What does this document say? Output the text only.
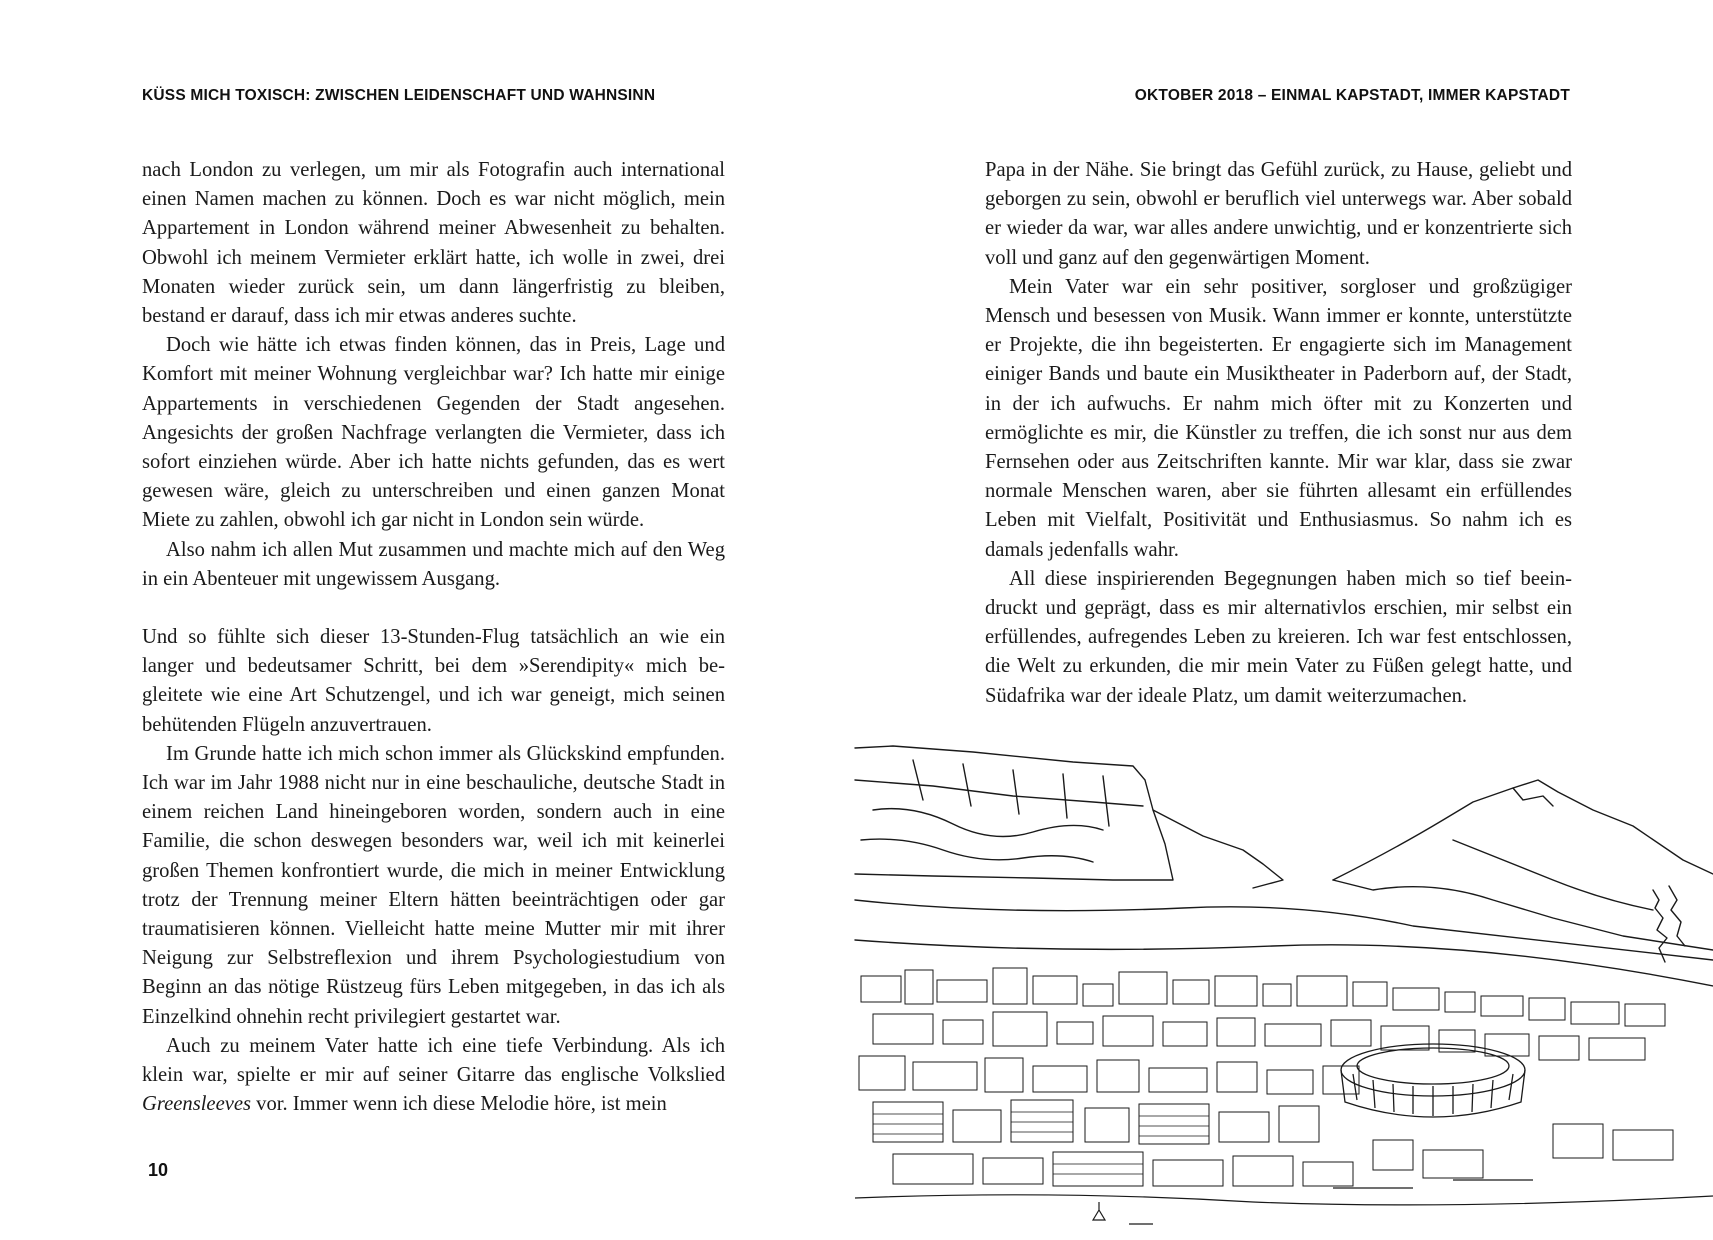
KÜSS MICH TOXISCH: ZWISCHEN LEIDENSCHAFT UND WAHNSINN	OKTOBER 2018 – EINMAL KAPSTADT, IMMER KAPSTADT

nach London zu verlegen, um mir als Fotografin auch international einen Namen machen zu können. Doch es war nicht möglich, mein Appartement in London während meiner Abwesenheit zu behalten. Obwohl ich meinem Vermieter erklärt hatte, ich wolle in zwei, drei Monaten wieder zurück sein, um dann längerfristig zu bleiben, bestand er darauf, dass ich mir etwas anderes suchte.

Doch wie hätte ich etwas finden können, das in Preis, Lage und Komfort mit meiner Wohnung vergleichbar war? Ich hatte mir einige Appartements in verschiedenen Gegenden der Stadt angesehen. Angesichts der großen Nachfrage verlangten die Vermieter, dass ich sofort einziehen würde. Aber ich hatte nichts gefunden, das es wert gewesen wäre, gleich zu unterschreiben und einen ganzen Monat Miete zu zahlen, obwohl ich gar nicht in London sein würde.

Also nahm ich allen Mut zusammen und machte mich auf den Weg in ein Abenteuer mit ungewissem Ausgang.

Und so fühlte sich dieser 13-Stunden-Flug tatsächlich an wie ein langer und bedeutsamer Schritt, bei dem »Serendipity« mich begleitete wie eine Art Schutzengel, und ich war geneigt, mich seinen behütenden Flügeln anzuvertrauen.

Im Grunde hatte ich mich schon immer als Glückskind empfunden. Ich war im Jahr 1988 nicht nur in eine beschauliche, deutsche Stadt in einem reichen Land hineingeboren worden, sondern auch in eine Familie, die schon deswegen besonders war, weil ich mit keinerlei großen Themen konfrontiert wurde, die mich in meiner Entwicklung trotz der Trennung meiner Eltern hätten beeinträchtigen oder gar traumatisieren können. Vielleicht hatte meine Mutter mir mit ihrer Neigung zur Selbstreflexion und ihrem Psychologiestudium von Beginn an das nötige Rüstzeug fürs Leben mitgegeben, in das ich als Einzelkind ohnehin recht privilegiert gestartet war.

Auch zu meinem Vater hatte ich eine tiefe Verbindung. Als ich klein war, spielte er mir auf seiner Gitarre das englische Volkslied Greensleeves vor. Immer wenn ich diese Melodie höre, ist mein

10

Papa in der Nähe. Sie bringt das Gefühl zurück, zu Hause, geliebt und geborgen zu sein, obwohl er beruflich viel unterwegs war. Aber sobald er wieder da war, war alles andere unwichtig, und er konzentrierte sich voll und ganz auf den gegenwärtigen Moment.

Mein Vater war ein sehr positiver, sorgloser und großzügiger Mensch und besessen von Musik. Wann immer er konnte, unterstützte er Projekte, die ihn begeisterten. Er engagierte sich im Management einiger Bands und baute ein Musiktheater in Paderborn auf, der Stadt, in der ich aufwuchs. Er nahm mich öfter mit zu Konzerten und ermöglichte es mir, die Künstler zu treffen, die ich sonst nur aus dem Fernsehen oder aus Zeitschriften kannte. Mir war klar, dass sie zwar normale Menschen waren, aber sie führten allesamt ein erfüllendes Leben mit Vielfalt, Positivität und Enthusiasmus. So nahm ich es damals jedenfalls wahr.

All diese inspirierenden Begegnungen haben mich so tief beeindruckt und geprägt, dass es mir alternativlos erschien, mir selbst ein erfüllendes, aufregendes Leben zu kreieren. Ich war fest entschlossen, die Welt zu erkunden, die mir mein Vater zu Füßen gelegt hatte, und Südafrika war der ideale Platz, um damit weiterzumachen.
